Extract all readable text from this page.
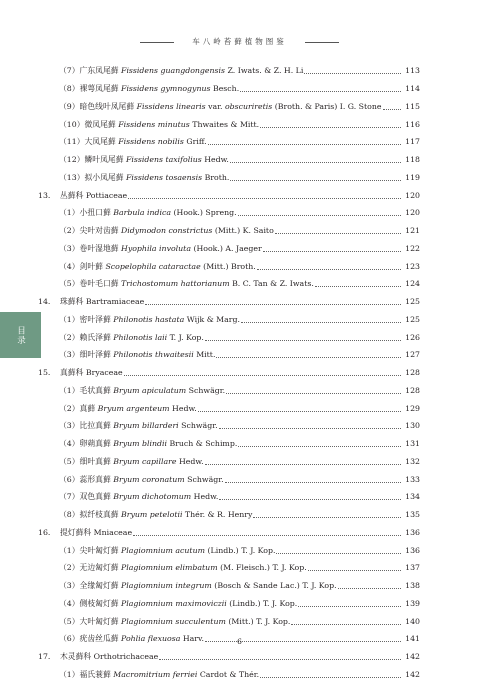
车八岭苔藓植物图鉴
目录
（7）广东凤尾藓 Fissidens guangdongensis Z. Iwats. & Z. H. Li	113
（8）裸萼凤尾藓 Fissidens gymnogynus Besch.	114
（9）暗色线叶凤尾藓 Fissidens linearis var. obscuriretis (Broth. & Paris) I. G. Stone	115
（10）微凤尾藓 Fissidens minutus Thwaites & Mitt.	116
（11）大凤尾藓 Fissidens nobilis Griff.	117
（12）鳞叶凤尾藓 Fissidens taxifolius Hedw.	118
（13）拟小凤尾藓 Fissidens tosaensis Broth.	119
13.	丛藓科 Pottiaceae	120
（1）小扭口藓 Barbula indica (Hook.) Spreng.	120
（2）尖叶对齿藓 Didymodon constrictus (Mitt.) K. Saito	121
（3）卷叶湿地藓 Hyophila involuta (Hook.) A. Jaeger	122
（4）剑叶藓 Scopelophila cataractae (Mitt.) Broth.	123
（5）卷叶毛口藓 Trichostomum hattorianum B. C. Tan & Z. Iwats.	124
14.	珠藓科 Bartramiaceae	125
（1）密叶泽藓 Philonotis hastata Wijk & Marg.	125
（2）赖氏泽藓 Philonotis laii T. J. Kop.	126
（3）细叶泽藓 Philonotis thwaitesii Mitt.	127
15.	真藓科 Bryaceae	128
（1）毛状真藓 Bryum apiculatum Schwägr.	128
（2）真藓 Bryum argenteum Hedw.	129
（3）比拉真藓 Bryum billarderi Schwägr.	130
（4）卵蒴真藓 Bryum blindii Bruch & Schimp.	131
（5）细叶真藓 Bryum capillare Hedw.	132
（6）蕊形真藓 Bryum coronatum Schwägr.	133
（7）双色真藓 Bryum dichotomum Hedw.	134
（8）拟纤枝真藓 Bryum petelotii Thér. & R. Henry	135
16.	提灯藓科 Mniaceae	136
（1）尖叶匐灯藓 Plagiomnium acutum (Lindb.) T. J. Kop.	136
（2）无边匐灯藓 Plagiomnium elimbatum (M. Fleisch.) T. J. Kop.	137
（3）全缘匐灯藓 Plagiomnium integrum (Bosch & Sande Lac.) T. J. Kop.	138
（4）侧枝匐灯藓 Plagiomnium maximoviczii (Lindb.) T. J. Kop.	139
（5）大叶匐灯藓 Plagiomnium succulentum (Mitt.) T. J. Kop.	140
（6）疣齿丝瓜藓 Pohlia flexuosa Harv.	141
17.	木灵藓科 Orthotrichaceae	142
（1）福氏蓑藓 Macromitrium ferriei Cardot & Thér.	142
6
